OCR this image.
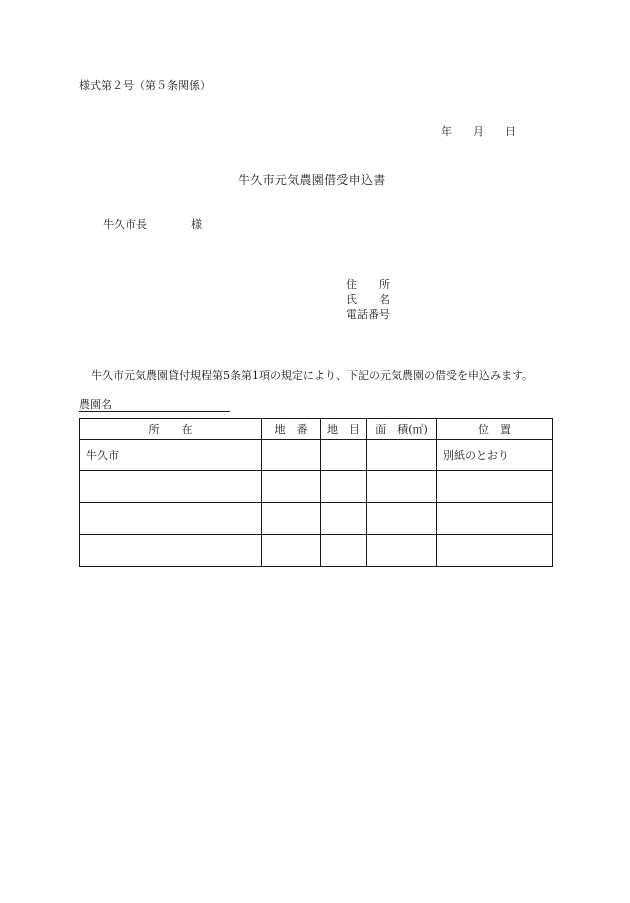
様式第２号（第５条関係）
年 月 日
牛久市元気農園借受申込書
牛久市長	様
住 所
氏 名
電話番号
牛久市元気農園貸付規程第5条第1項の規定により、下記の元気農園の借受を申込みます。
農園名
所　　在	地　番	地　目	面　積(㎡)	位　置
牛久市				別紙のとおり
